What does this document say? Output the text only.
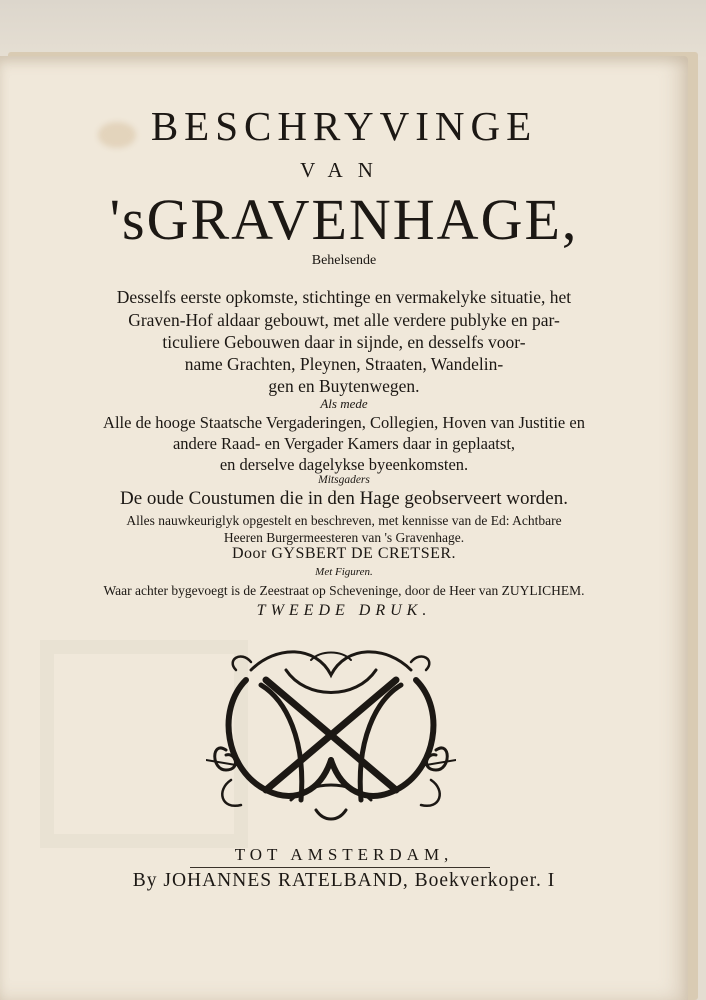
BESCHRYVINGE
VAN
'sGRAVENHAGE,
Behelsende
Desselfs eerste opkomste, stichtinge en vermakelyke situatie, het
Graven-Hof aldaar gebouwt, met alle verdere publyke en par-
ticuliere Gebouwen daar in sijnde, en desselfs voor-
name Grachten, Pleynen, Straaten, Wandelin-
gen en Buytenwegen.
Als mede
Alle de hooge Staatsche Vergaderingen, Collegien, Hoven van Justitie en
andere Raad- en Vergader Kamers daar in geplaatst,
en derselve dagelykse byeenkomsten.
Mitsgaders
De oude Coustumen die in den Hage geobserveert worden.
Alles nauwkeuriglyk opgestelt en beschreven, met kennisse van de Ed: Achtbare
Heeren Burgermeesteren van 's Gravenhage.
Door GYSBERT DE CRETSER.
Met Figuren.
Waar achter bygevoegt is de Zeestraat op Scheveninge, door de Heer van ZUYLICHEM.
TWEEDE DRUK.
TOT AMSTERDAM,
By JOHANNES RATELBAND, Boekverkoper. I
